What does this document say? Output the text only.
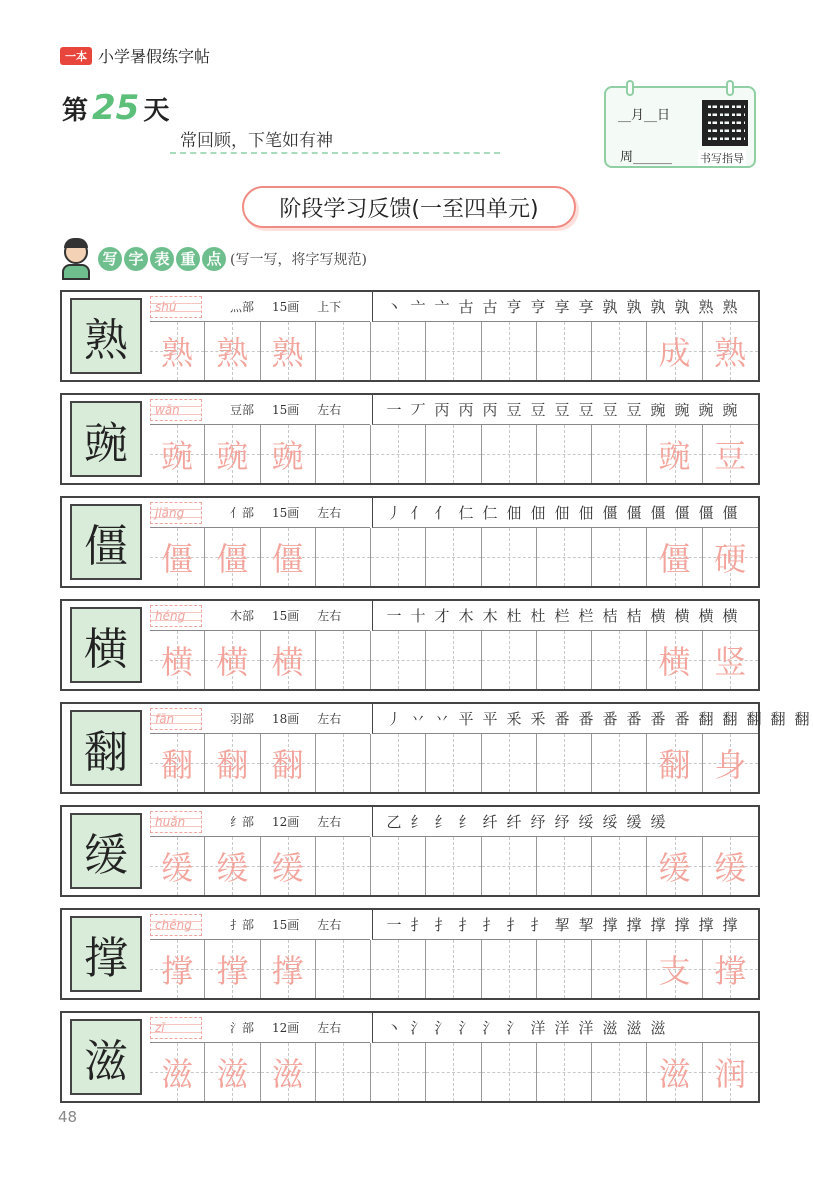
一本 小学暑假练字帖
第 25 天
常回顾，下笔如有神
__月__日
周______	书写指导
阶段学习反馈(一至四单元)
写 字 表 重 点 (写一写，将字写规范)
熟
shú	灬部 15画 上下	丶 亠 亠 古 古 亨 亨 享 享 孰 孰 孰 孰 熟 熟
熟 熟 熟	成 熟
豌
wān	豆部 15画 左右	一 丆 丙 丙 丙 豆 豆 豆 豆 豆 豆 豌 豌 豌 豌
豌 豌 豌	豌 豆
僵
jiāng	亻部 15画 左右	丿 亻 亻 仁 仁 佃 佃 佃 佃 僵 僵 僵 僵 僵 僵
僵 僵 僵	僵 硬
横
héng	木部 15画 左右	一 十 才 木 木 杜 杜 栏 栏 桔 桔 横 横 横 横
横 横 横	横 竖
翻
fān	羽部 18画 左右	丿 丷 丷 平 平 釆 釆 番 番 番 番 番 番 翻 翻 翻 翻 翻
翻 翻 翻	翻 身
缓
huǎn	纟部 12画 左右	乙 纟 纟 纟 纤 纤 纾 纾 绥 绥 缓 缓
缓 缓 缓	缓 缓
撑
chēng	扌部 15画 左右	一 扌 扌 扌 扌 扌 扌 挈 挈 撑 撑 撑 撑 撑 撑
撑 撑 撑	支 撑
滋
zī	氵部 12画 左右	丶 氵 氵 氵 氵 氵 洋 洋 洋 滋 滋 滋
滋 滋 滋	滋 润
48
